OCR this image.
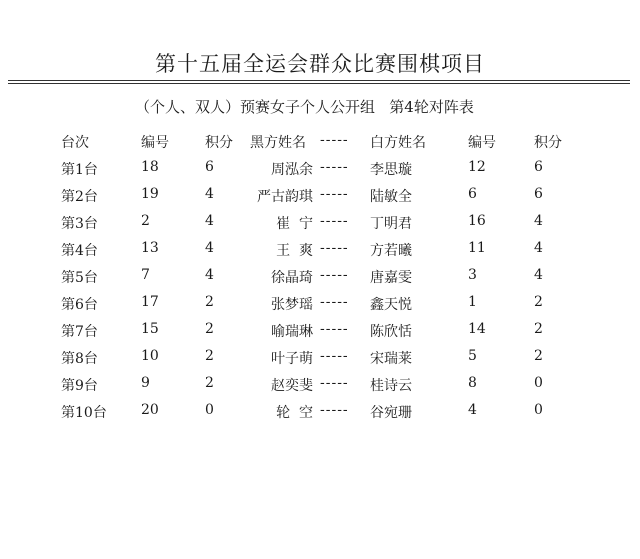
第十五届全运会群众比赛围棋项目
（个人、双人）预赛女子个人公开组   第4轮对阵表
台次	编号	积分 黑方姓名 ----- 白方姓名	编号	积分
第1台	18	6	周泓余 ----- 李思璇	12	6
第2台	19	4	严古韵琪 ----- 陆敏全	6	6
第3台	2	4	崔  宁 ----- 丁明君	16	4
第4台	13	4	王  爽 ----- 方若曦	11	4
第5台	7	4	徐晶琦 ----- 唐嘉雯	3	4
第6台	17	2	张梦瑶 ----- 鑫天悦	1	2
第7台	15	2	喻瑞琳 ----- 陈欣恬	14	2
第8台	10	2	叶子萌 ----- 宋瑞莱	5	2
第9台	9	2	赵奕斐 ----- 桂诗云	8	0
第10台 20	0	轮  空 ----- 谷宛珊	4	0
